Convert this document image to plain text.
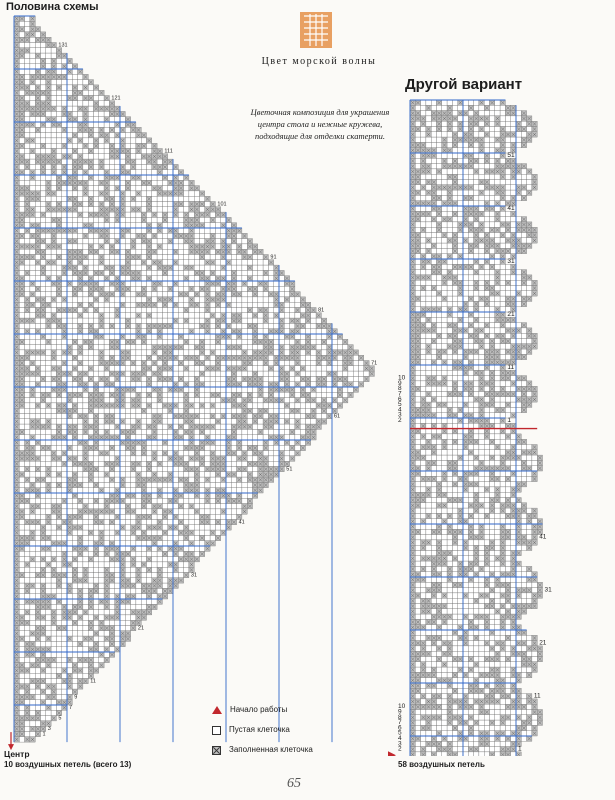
Половина схемы
Цвет морской волны
Цветочная композиция для украшения центра стола и нежные кружева, подходящие для отделки скатерти.
Другой вариант
1
11
21
31
41
51
61
71
81
91
101
111
121
131
3
5
7
9
1
11
21
31
41
51
2
3
4
5
6
7
8
9
10
1
11
21
31
41
2
3
4
5
6
7
8
9
10
Начало работы
Пустая клеточка
Заполненная клеточка
Центр
10 воздушных петель (всего 13)	58 воздушных петель
65
